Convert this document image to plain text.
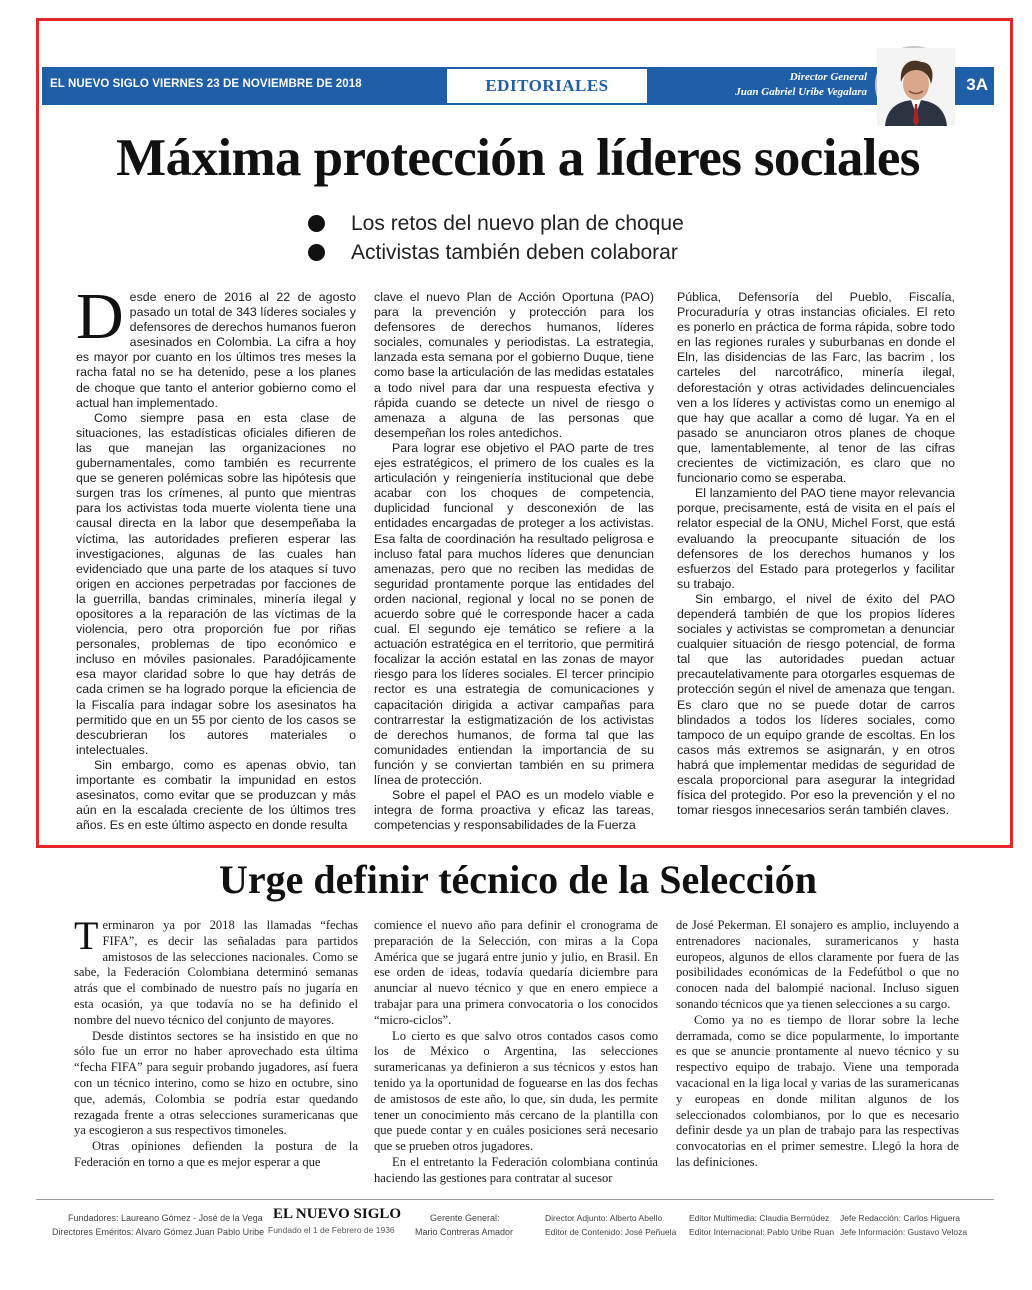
EL NUEVO SIGLO VIERNES 23 DE NOVIEMBRE DE 2018	EDITORIALES	Director General
Juan Gabriel Uribe Vegalara	3A
Máxima protección a líderes sociales
Los retos del nuevo plan de choque
Activistas también deben colaborar

Desde enero de 2016 al 22 de agosto pasado un total de 343 líderes sociales y defensores de derechos humanos fueron asesinados en Colombia. La cifra a hoy es mayor por cuanto en los últimos tres meses la racha fatal no se ha detenido, pese a los planes de choque que tanto el anterior gobierno como el actual han implementado.

Como siempre pasa en esta clase de situaciones, las estadísticas oficiales difieren de las que manejan las organizaciones no gubernamentales, como también es recurrente que se generen polémicas sobre las hipótesis que surgen tras los crímenes, al punto que mientras para los activistas toda muerte violenta tiene una causal directa en la labor que desempeñaba la víctima, las autoridades prefieren esperar las investigaciones, algunas de las cuales han evidenciado que una parte de los ataques sí tuvo origen en acciones perpetradas por facciones de la guerrilla, bandas criminales, minería ilegal y opositores a la reparación de las víctimas de la violencia, pero otra proporción fue por riñas personales, problemas de tipo económico e incluso en móviles pasionales. Paradójicamente esa mayor claridad sobre lo que hay detrás de cada crimen se ha logrado porque la eficiencia de la Fiscalía para indagar sobre los asesinatos ha permitido que en un 55 por ciento de los casos se descubrieran los autores materiales o intelectuales.

Sin embargo, como es apenas obvio, tan importante es combatir la impunidad en estos asesinatos, como evitar que se produzcan y más aún en la escalada creciente de los últimos tres años. Es en este último aspecto en donde resulta

clave el nuevo Plan de Acción Oportuna (PAO) para la prevención y protección para los defensores de derechos humanos, líderes sociales, comunales y periodistas. La estrategia, lanzada esta semana por el gobierno Duque, tiene como base la articulación de las medidas estatales a todo nivel para dar una respuesta efectiva y rápida cuando se detecte un nivel de riesgo o amenaza a alguna de las personas que desempeñan los roles antedichos.

Para lograr ese objetivo el PAO parte de tres ejes estratégicos, el primero de los cuales es la articulación y reingeniería institucional que debe acabar con los choques de competencia, duplicidad funcional y desconexión de las entidades encargadas de proteger a los activistas. Esa falta de coordinación ha resultado peligrosa e incluso fatal para muchos líderes que denuncian amenazas, pero que no reciben las medidas de seguridad prontamente porque las entidades del orden nacional, regional y local no se ponen de acuerdo sobre qué le corresponde hacer a cada cual. El segundo eje temático se refiere a la actuación estratégica en el territorio, que permitirá focalizar la acción estatal en las zonas de mayor riesgo para los líderes sociales. El tercer principio rector es una estrategia de comunicaciones y capacitación dirigida a activar campañas para contrarrestar la estigmatización de los activistas de derechos humanos, de forma tal que las comunidades entiendan la importancia de su función y se conviertan también en su primera línea de protección.

Sobre el papel el PAO es un modelo viable e integra de forma proactiva y eficaz las tareas, competencias y responsabilidades de la Fuerza

Pública, Defensoría del Pueblo, Fiscalía, Procuraduría y otras instancias oficiales. El reto es ponerlo en práctica de forma rápida, sobre todo en las regiones rurales y suburbanas en donde el Eln, las disidencias de las Farc, las bacrim , los carteles del narcotráfico, minería ilegal, deforestación y otras actividades delincuenciales ven a los líderes y activistas como un enemigo al que hay que acallar a como dé lugar. Ya en el pasado se anunciaron otros planes de choque que, lamentablemente, al tenor de las cifras crecientes de victimización, es claro que no funcionario como se esperaba.

El lanzamiento del PAO tiene mayor relevancia porque, precisamente, está de visita en el país el relator especial de la ONU, Michel Forst, que está evaluando la preocupante situación de los defensores de los derechos humanos y los esfuerzos del Estado para protegerlos y facilitar su trabajo.

Sin embargo, el nivel de éxito del PAO dependerá también de que los propios líderes sociales y activistas se comprometan a denunciar cualquier situación de riesgo potencial, de forma tal que las autoridades puedan actuar precautelativamente para otorgarles esquemas de protección según el nivel de amenaza que tengan. Es claro que no se puede dotar de carros blindados a todos los líderes sociales, como tampoco de un equipo grande de escoltas. En los casos más extremos se asignarán, y en otros habrá que implementar medidas de seguridad de escala proporcional para asegurar la integridad física del protegido. Por eso la prevención y el no tomar riesgos innecesarios serán también claves.

Urge definir técnico de la Selección

Terminaron ya por 2018 las llamadas “fechas FIFA”, es decir las señaladas para partidos amistosos de las selecciones nacionales. Como se sabe, la Federación Colombiana determinó semanas atrás que el combinado de nuestro país no jugaría en esta ocasión, ya que todavía no se ha definido el nombre del nuevo técnico del conjunto de mayores.

Desde distintos sectores se ha insistido en que no sólo fue un error no haber aprovechado esta última “fecha FIFA” para seguir probando jugadores, así fuera con un técnico interino, como se hizo en octubre, sino que, además, Colombia se podría estar quedando rezagada frente a otras selecciones suramericanas que ya escogieron a sus respectivos timoneles.

Otras opiniones defienden la postura de la Federación en torno a que es mejor esperar a que

comience el nuevo año para definir el cronograma de preparación de la Selección, con miras a la Copa América que se jugará entre junio y julio, en Brasil. En ese orden de ideas, todavía quedaría diciembre para anunciar al nuevo técnico y que en enero empiece a trabajar para una primera convocatoria o los conocidos “micro-ciclos”.

Lo cierto es que salvo otros contados casos como los de México o Argentina, las selecciones suramericanas ya definieron a sus técnicos y estos han tenido ya la oportunidad de foguearse en las dos fechas de amistosos de este año, lo que, sin duda, les permite tener un conocimiento más cercano de la plantilla con que puede contar y en cuáles posiciones será necesario que se prueben otros jugadores.

En el entretanto la Federación colombiana continúa haciendo las gestiones para contratar al sucesor

de José Pekerman. El sonajero es amplio, incluyendo a entrenadores nacionales, suramericanos y hasta europeos, algunos de ellos claramente por fuera de las posibilidades económicas de la Fedefútbol o que no conocen nada del balompié nacional. Incluso siguen sonando técnicos que ya tienen selecciones a su cargo.

Como ya no es tiempo de llorar sobre la leche derramada, como se dice popularmente, lo importante es que se anuncie prontamente al nuevo técnico y su respectivo equipo de trabajo. Viene una temporada vacacional en la liga local y varias de las suramericanas y europeas en donde militan algunos de los seleccionados colombianos, por lo que es necesario definir desde ya un plan de trabajo para las respectivas convocatorias en el primer semestre. Llegó la hora de las definiciones.

Fundadores: Laureano Gómez - José de la Vega
Directores Eméritos: Alvaro Gómez Juan Pablo Uribe
EL NUEVO SIGLO
Fundado el 1 de Febrero de 1936
Gerente General:
Mario Contreras Amador
Director Adjunto: Alberto Abello
Editor de Contenido: José Peñuela
Editor Multimedia: Claudia Bermúdez
Editor Internacional: Pablo Uribe Ruan
Jefe Redacción: Carlos Higuera
Jefe Información: Gustavo Veloza
